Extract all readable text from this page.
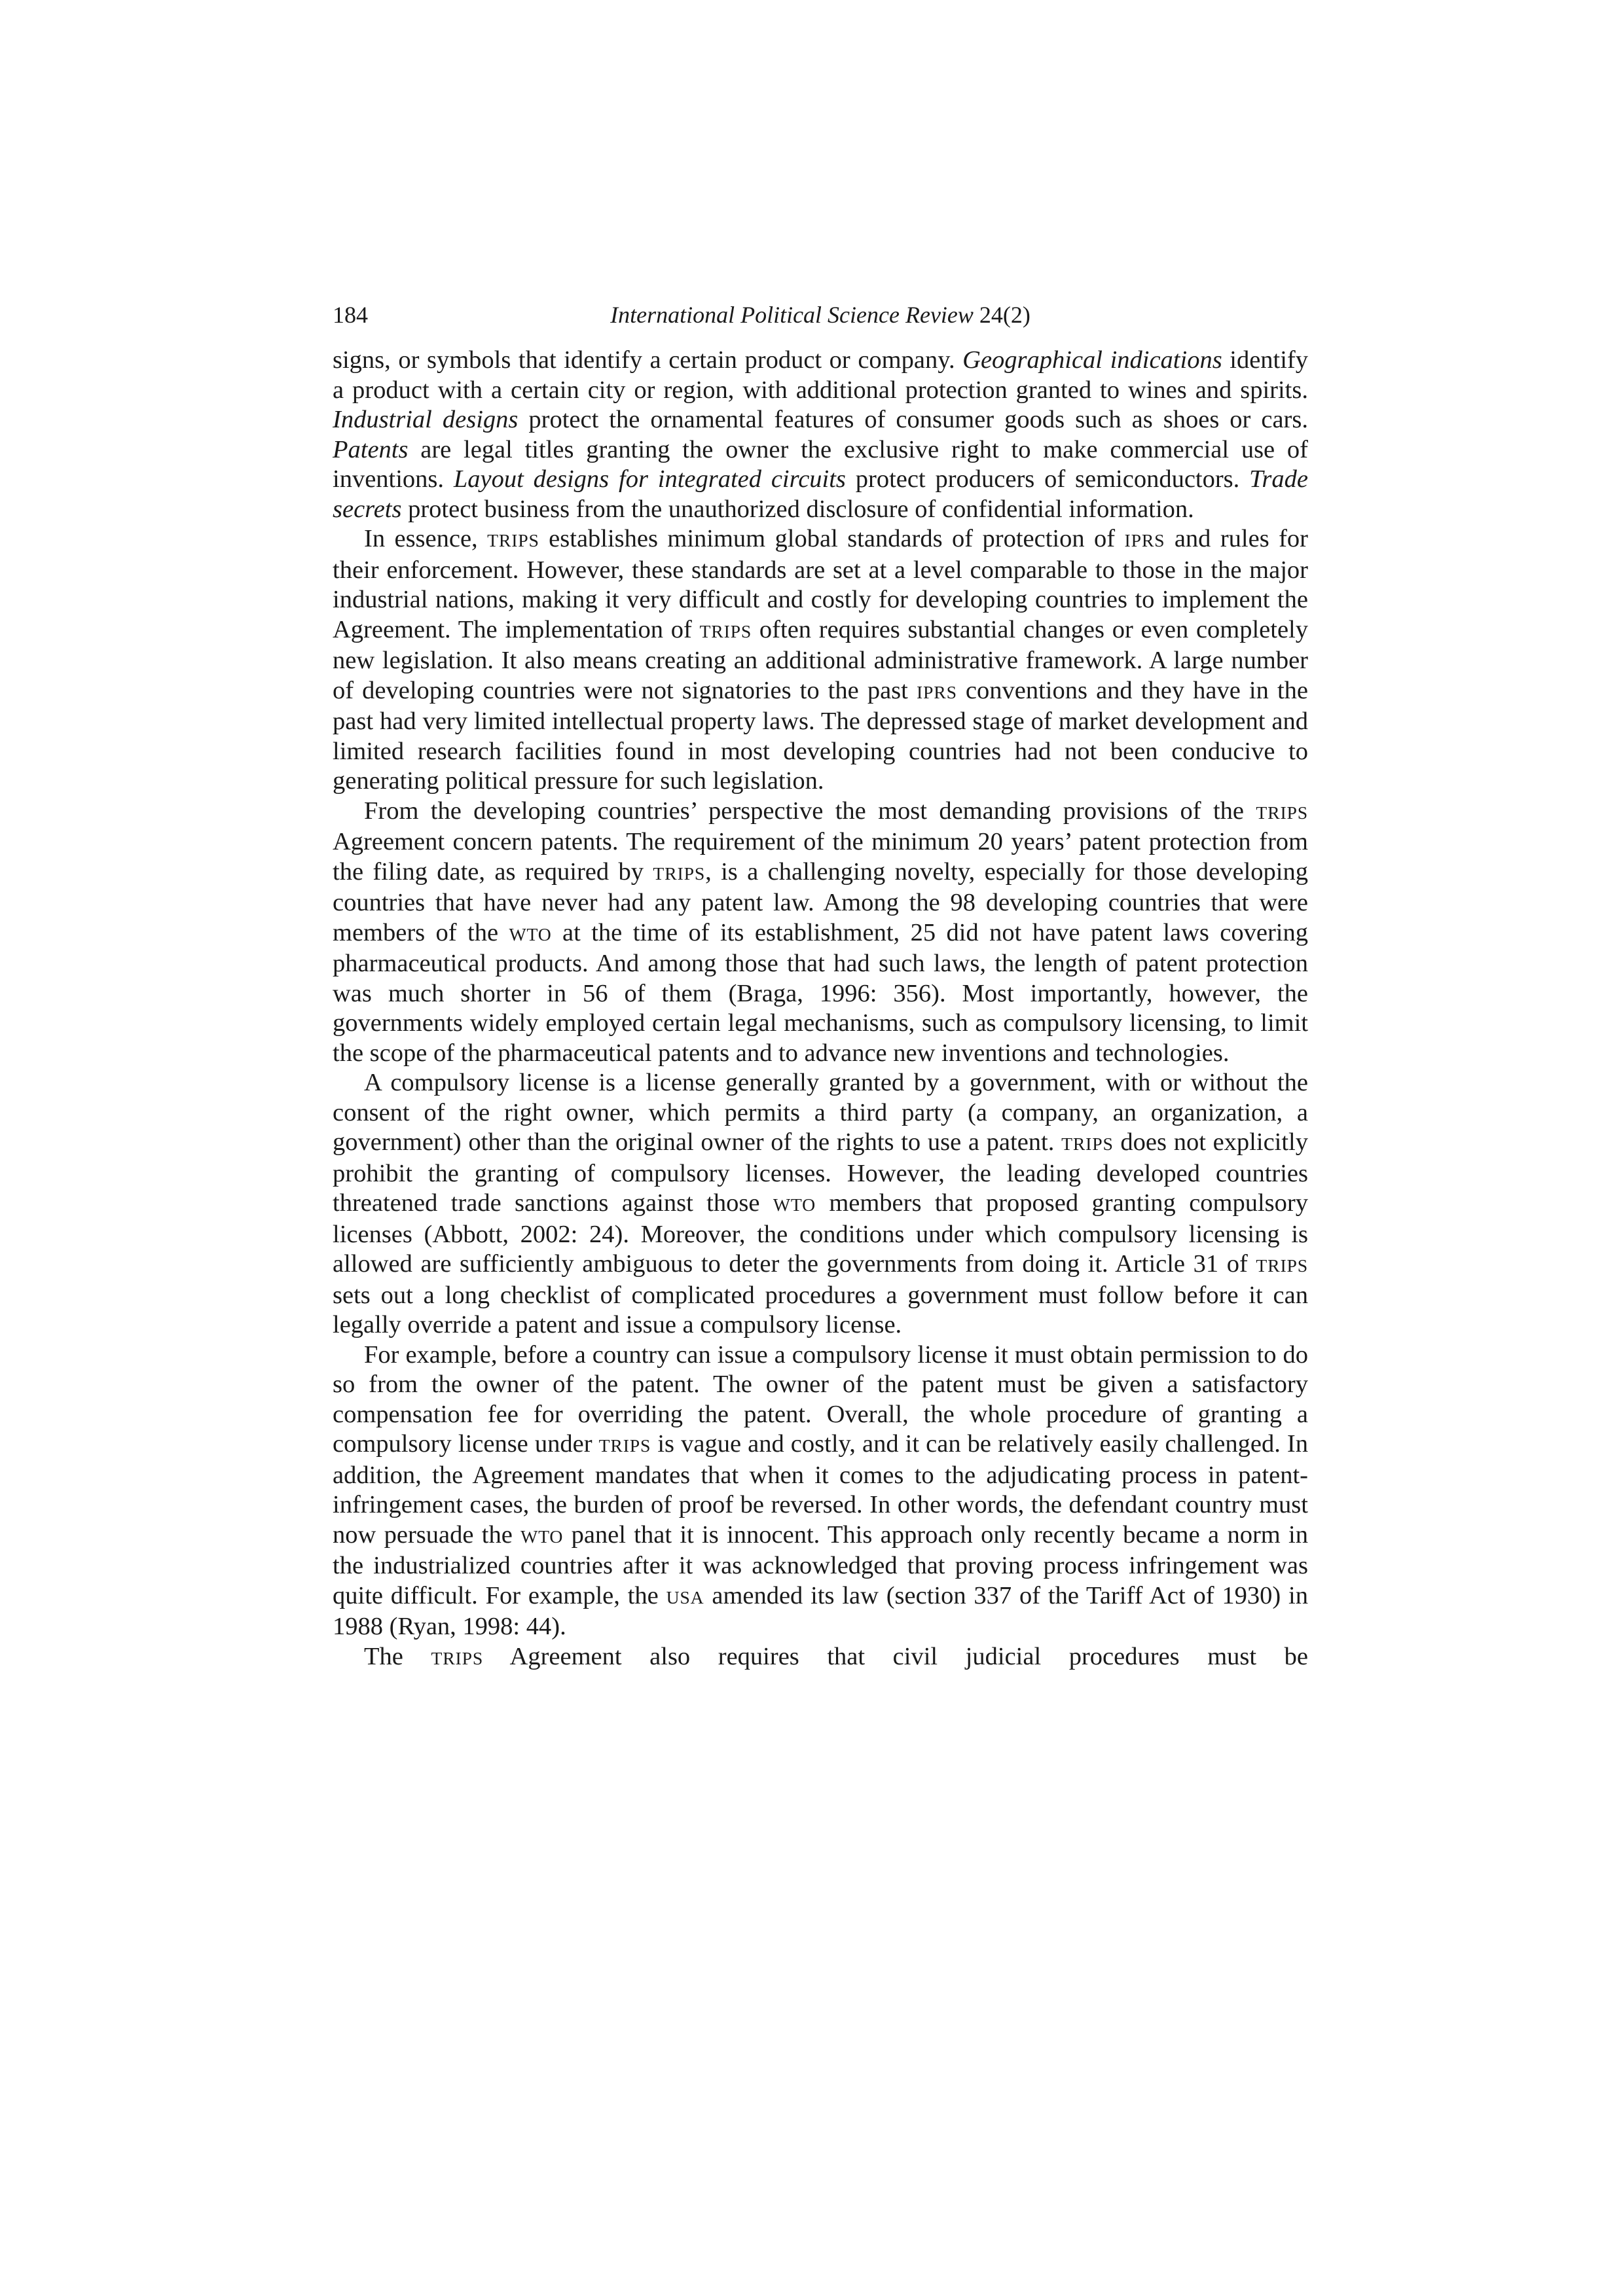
184	International Political Science Review 24(2)

signs, or symbols that identify a certain product or company. Geographical indications identify a product with a certain city or region, with additional protection granted to wines and spirits. Industrial designs protect the ornamental features of consumer goods such as shoes or cars. Patents are legal titles granting the owner the exclusive right to make commercial use of inventions. Layout designs for integrated circuits protect producers of semiconductors. Trade secrets protect business from the unauthorized disclosure of confidential information.

In essence, TRIPS establishes minimum global standards of protection of IPRS and rules for their enforcement. However, these standards are set at a level comparable to those in the major industrial nations, making it very difficult and costly for developing countries to implement the Agreement. The implementation of TRIPS often requires substantial changes or even completely new legislation. It also means creating an additional administrative framework. A large number of developing countries were not signatories to the past IPRS conventions and they have in the past had very limited intellectual property laws. The depressed stage of market development and limited research facilities found in most developing countries had not been conducive to generating political pressure for such legislation.

From the developing countries’ perspective the most demanding provisions of the TRIPS Agreement concern patents. The requirement of the minimum 20 years’ patent protection from the filing date, as required by TRIPS, is a challenging novelty, especially for those developing countries that have never had any patent law. Among the 98 developing countries that were members of the WTO at the time of its establishment, 25 did not have patent laws covering pharmaceutical products. And among those that had such laws, the length of patent protection was much shorter in 56 of them (Braga, 1996: 356). Most importantly, however, the governments widely employed certain legal mechanisms, such as compulsory licensing, to limit the scope of the pharmaceutical patents and to advance new inventions and technologies.

A compulsory license is a license generally granted by a government, with or without the consent of the right owner, which permits a third party (a company, an organization, a government) other than the original owner of the rights to use a patent. TRIPS does not explicitly prohibit the granting of compulsory licenses. However, the leading developed countries threatened trade sanctions against those WTO members that proposed granting compulsory licenses (Abbott, 2002: 24). Moreover, the conditions under which compulsory licensing is allowed are sufficiently ambiguous to deter the governments from doing it. Article 31 of TRIPS sets out a long checklist of complicated procedures a government must follow before it can legally override a patent and issue a compulsory license.

For example, before a country can issue a compulsory license it must obtain permission to do so from the owner of the patent. The owner of the patent must be given a satisfactory compensation fee for overriding the patent. Overall, the whole procedure of granting a compulsory license under TRIPS is vague and costly, and it can be relatively easily challenged. In addition, the Agreement mandates that when it comes to the adjudicating process in patent-infringement cases, the burden of proof be reversed. In other words, the defendant country must now persuade the WTO panel that it is innocent. This approach only recently became a norm in the industrialized countries after it was acknowledged that proving process infringement was quite difficult. For example, the USA amended its law (section 337 of the Tariff Act of 1930) in 1988 (Ryan, 1998: 44).

The TRIPS Agreement also requires that civil judicial procedures must be
